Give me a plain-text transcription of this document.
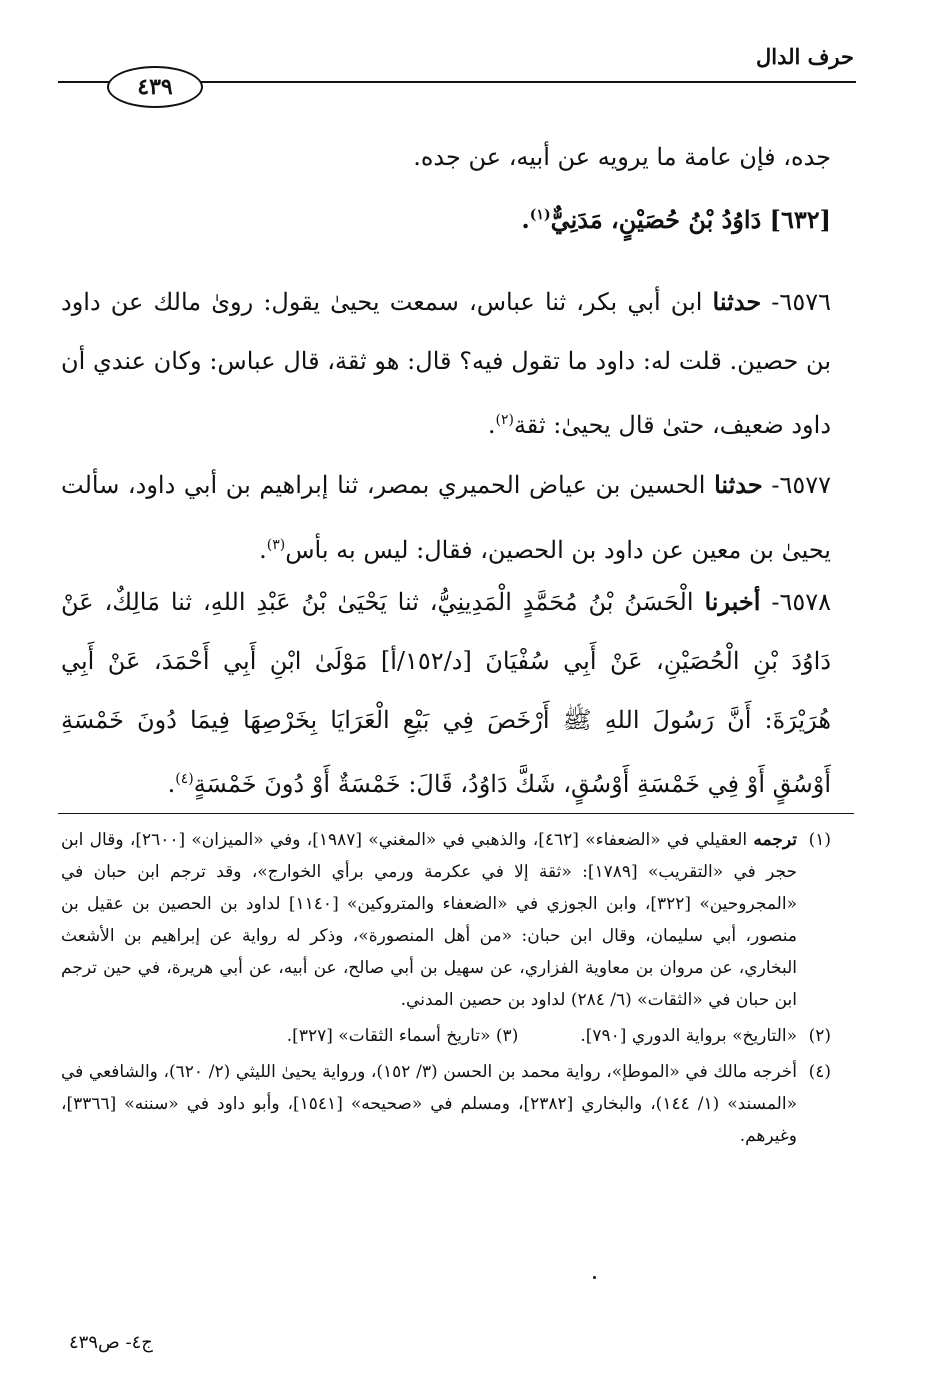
حرف الدال
٤٣٩

جده، فإن عامة ما يرويه عن أبيه، عن جده.

[٦٣٢] دَاوُدُ بْنُ حُصَيْنٍ، مَدَنِيٌّ$^{(١)}$.

٦٥٧٦- حدثنا ابن أبي بكر، ثنا عباس، سمعت يحيىٰ يقول: روىٰ مالك عن داود بن حصين. قلت له: داود ما تقول فيه؟ قال: هو ثقة، قال عباس: وكان عندي أن داود ضعيف، حتىٰ قال يحيىٰ: ثقة$^{(٢)}$.

٦٥٧٧- حدثنا الحسين بن عياض الحميري بمصر، ثنا إبراهيم بن أبي داود، سألت يحيىٰ بن معين عن داود بن الحصين، فقال: ليس به بأس$^{(٣)}$.

٦٥٧٨- أخبرنا الْحَسَنُ بْنُ مُحَمَّدٍ الْمَدِينِيُّ، ثنا يَحْيَىٰ بْنُ عَبْدِ اللهِ، ثنا مَالِكٌ، عَنْ دَاوُدَ بْنِ الْحُصَيْنِ، عَنْ أَبِي سُفْيَانَ [د/١٥٢/أ] مَوْلَىٰ ابْنِ أَبِي أَحْمَدَ، عَنْ أَبِي هُرَيْرَةَ: أَنَّ رَسُولَ اللهِ ﷺ أَرْخَصَ فِي بَيْعِ الْعَرَايَا بِخَرْصِهَا فِيمَا دُونَ خَمْسَةِ أَوْسُقٍ أَوْ فِي خَمْسَةِ أَوْسُقٍ، شَكَّ دَاوُدُ، قَالَ: خَمْسَةٌ أَوْ دُونَ خَمْسَةٍ$^{(٤)}$.

(١)
ترجمه العقيلي في «الضعفاء» [٤٦٢]، والذهبي في «المغني» [١٩٨٧]، وفي «الميزان» [٢٦٠٠]، وقال ابن حجر في «التقريب» [١٧٨٩]: «ثقة إلا في عكرمة ورمي برأي الخوارج»، وقد ترجم ابن حبان في «المجروحين» [٣٢٢]، وابن الجوزي في «الضعفاء والمتروكين» [١١٤٠] لداود بن الحصين بن عقيل بن منصور، أبي سليمان، وقال ابن حبان: «من أهل المنصورة»، وذكر له رواية عن إبراهيم بن الأشعث البخاري، عن مروان بن معاوية الفزاري، عن سهيل بن أبي صالح، عن أبيه، عن أبي هريرة، في حين ترجم ابن حبان في «الثقات» (٦/ ٢٨٤) لداود بن حصين المدني.

(٢)
«التاريخ» برواية الدوري [٧٩٠].(٣) «تاريخ أسماء الثقات» [٣٢٧].

(٤)
أخرجه مالك في «الموطإ»، رواية محمد بن الحسن (٣/ ١٥٢)، ورواية يحيىٰ الليثي (٢/ ٦٢٠)، والشافعي في «المسند» (١/ ١٤٤)، والبخاري [٢٣٨٢]، ومسلم في «صحيحه» [١٥٤١]، وأبو داود في «سننه» [٣٣٦٦]، وغيرهم.

ج٤- ص٤٣٩
